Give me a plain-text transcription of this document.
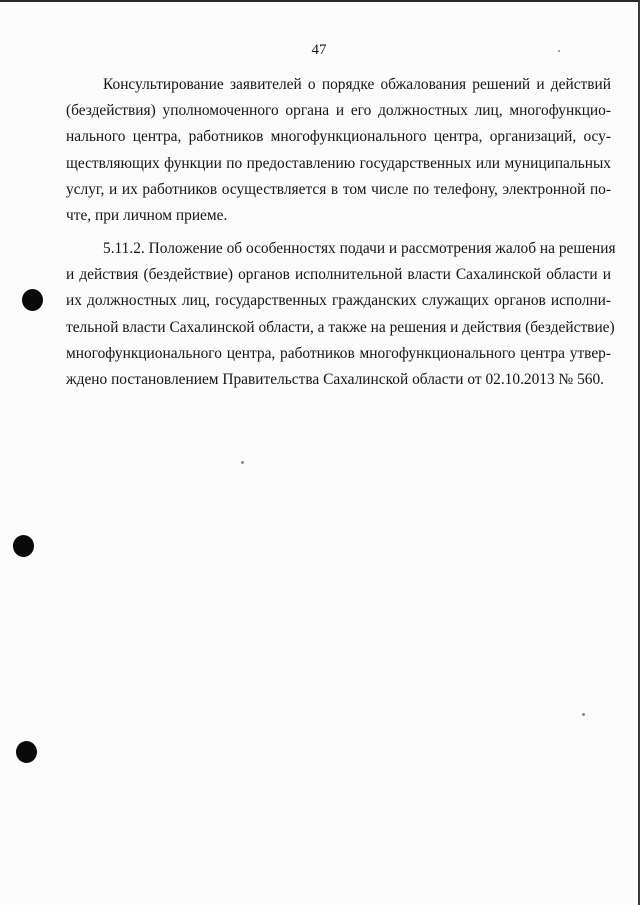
47
Консультирование заявителей о порядке обжалования решений и действий
(бездействия) уполномоченного органа и его должностных лиц, многофункцио-
нального центра, работников многофункционального центра, организаций, осу-
ществляющих функции по предоставлению государственных или муниципальных
услуг, и их работников осуществляется в том числе по телефону, электронной по-
чте, при личном приеме.
5.11.2. Положение об особенностях подачи и рассмотрения жалоб на решения
и действия (бездействие) органов исполнительной власти Сахалинской области и
их должностных лиц, государственных гражданских служащих органов исполни-
тельной власти Сахалинской области, а также на решения и действия (бездействие)
многофункционального центра, работников многофункционального центра утвер-
ждено постановлением Правительства Сахалинской области от 02.10.2013 № 560.
